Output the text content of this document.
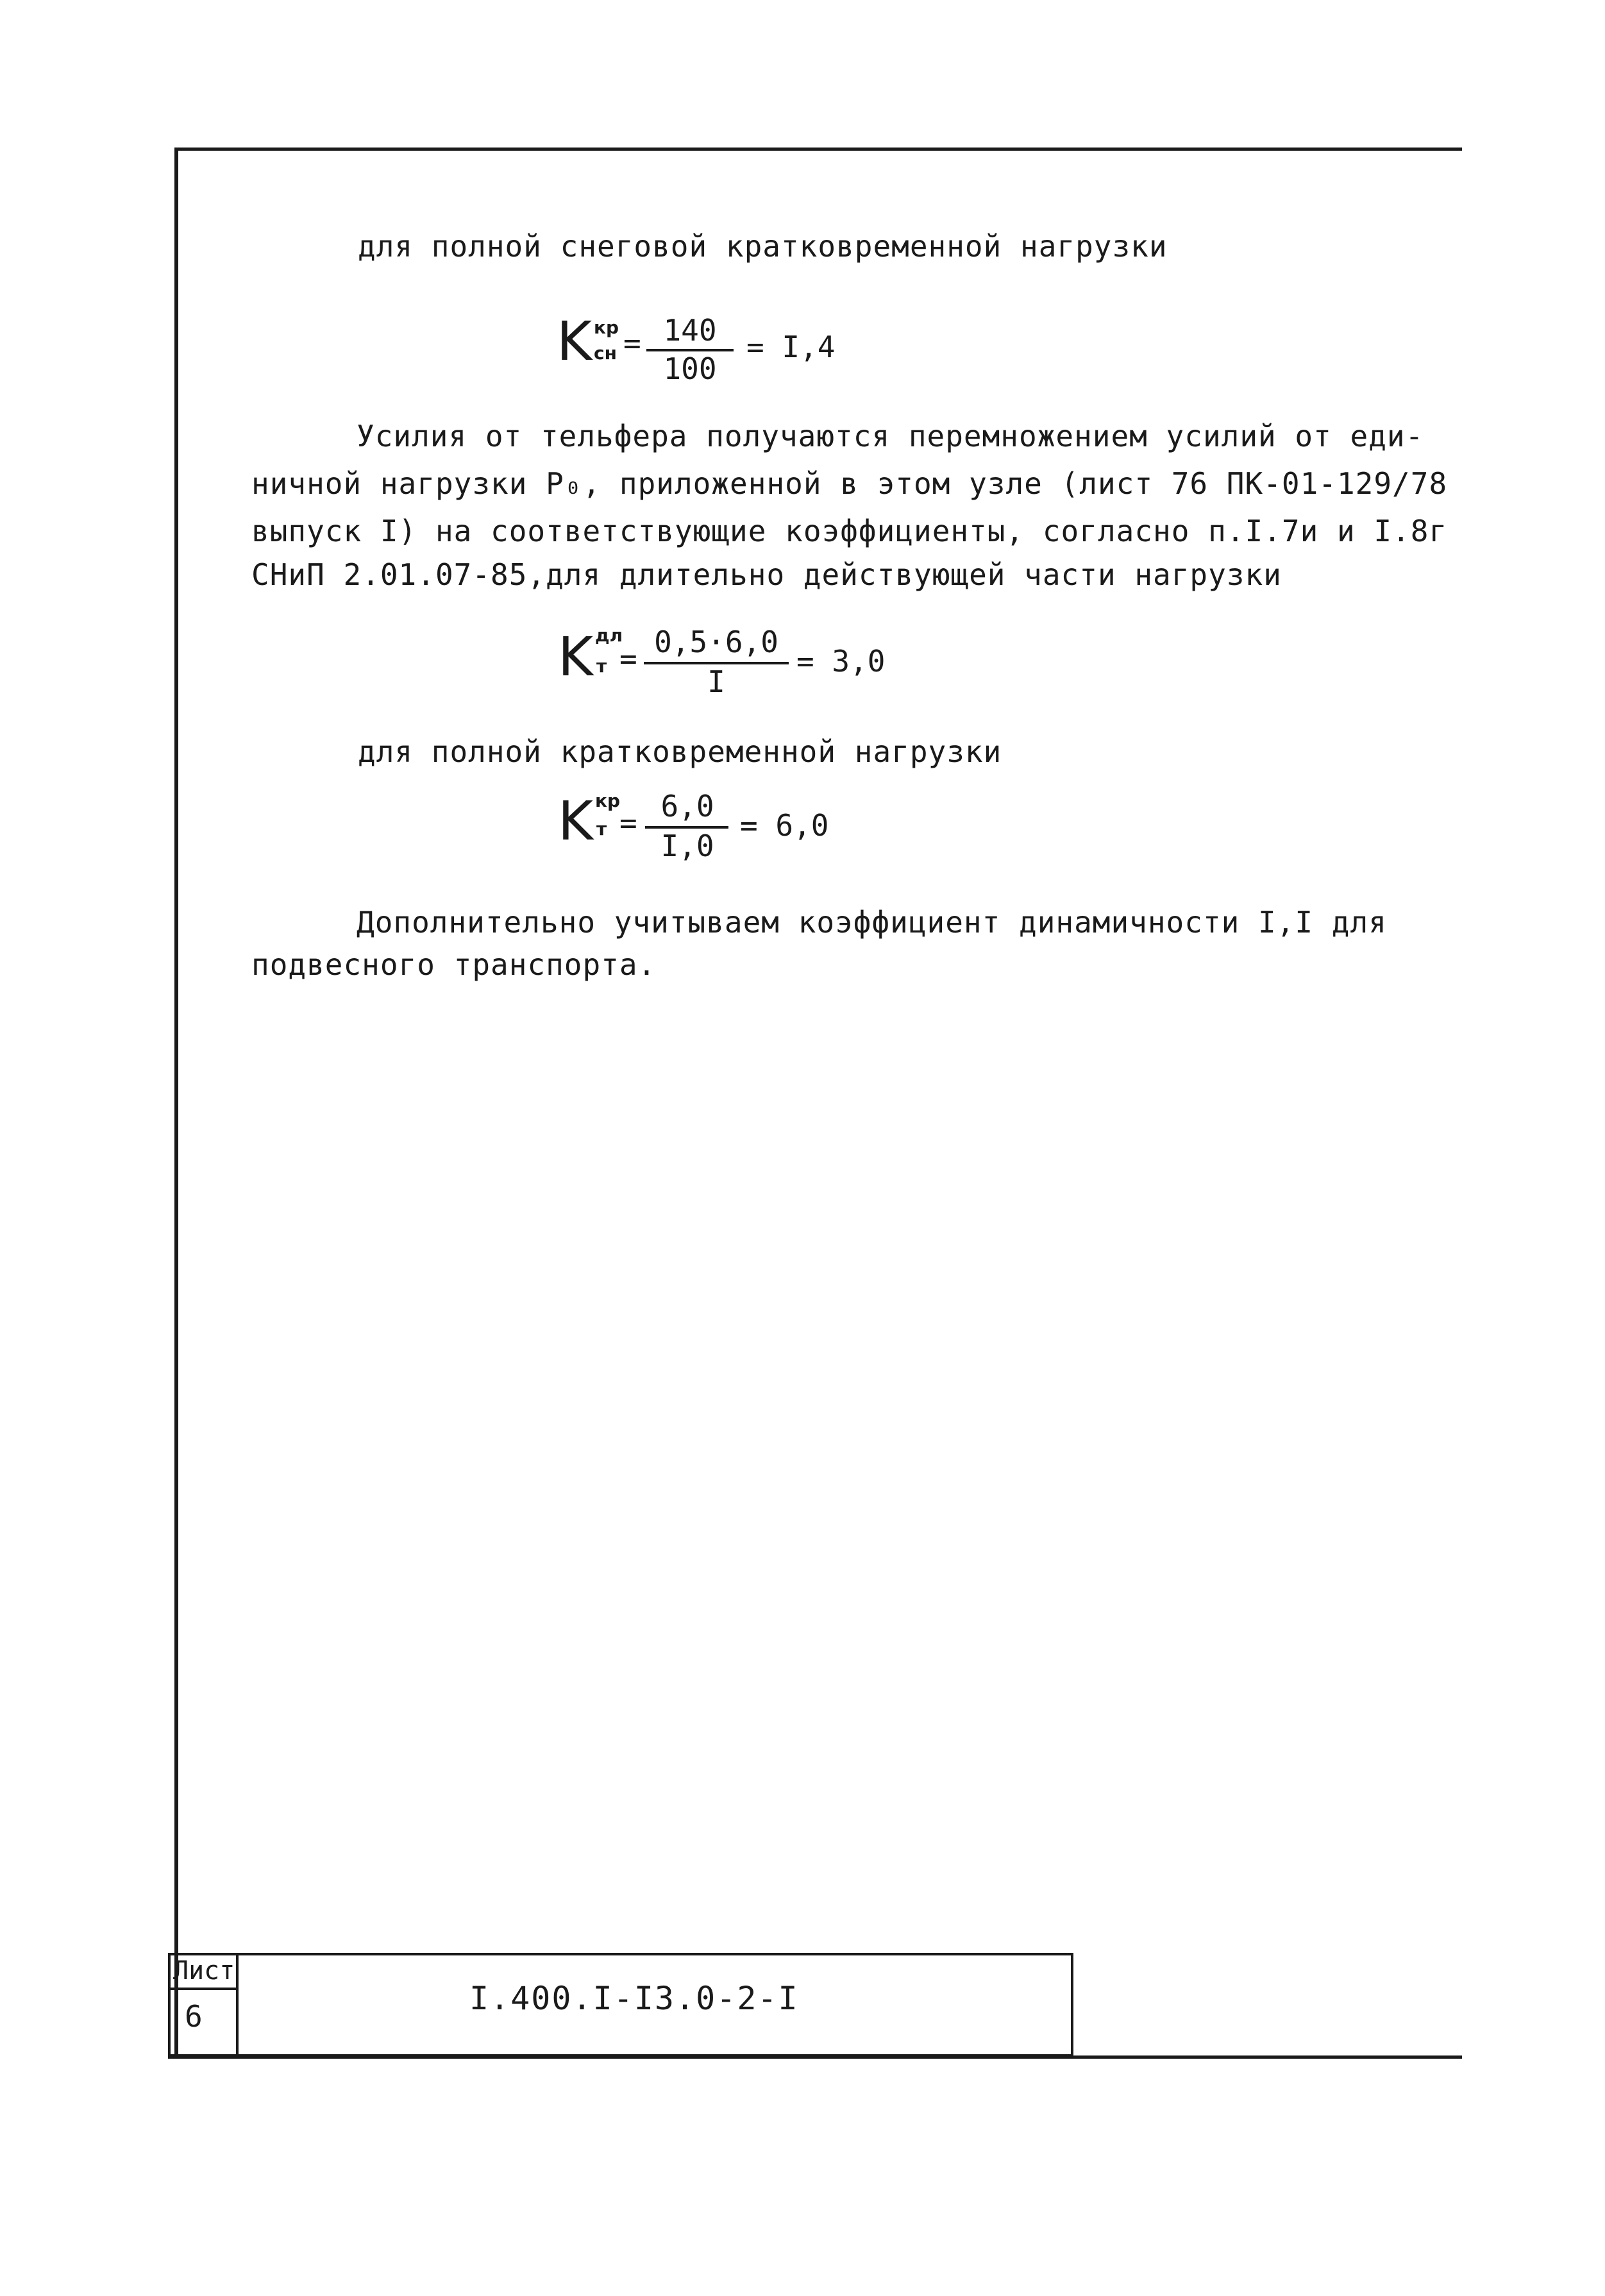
для полной снеговой кратковременной нагрузки
K кр
сн = 140
100
= I,4
Усилия от тельфера получаются перемножением усилий от еди-
ничной нагрузки Р₀, приложенной в этом узле (лист 76 ПК-01-129/78
выпуск I) на соответствующие коэффициенты, согласно п.I.7и и I.8г
СНиП 2.01.07-85,для длительно действующей части нагрузки
K дл
т = 0,5·6,0
I
= 3,0
для полной кратковременной нагрузки
K кр
т = 6,0
I,0
= 6,0
Дополнительно учитываем коэффициент динамичности I,I для
подвесного транспорта.
Лист
6	I.400.I-I3.0-2-I
